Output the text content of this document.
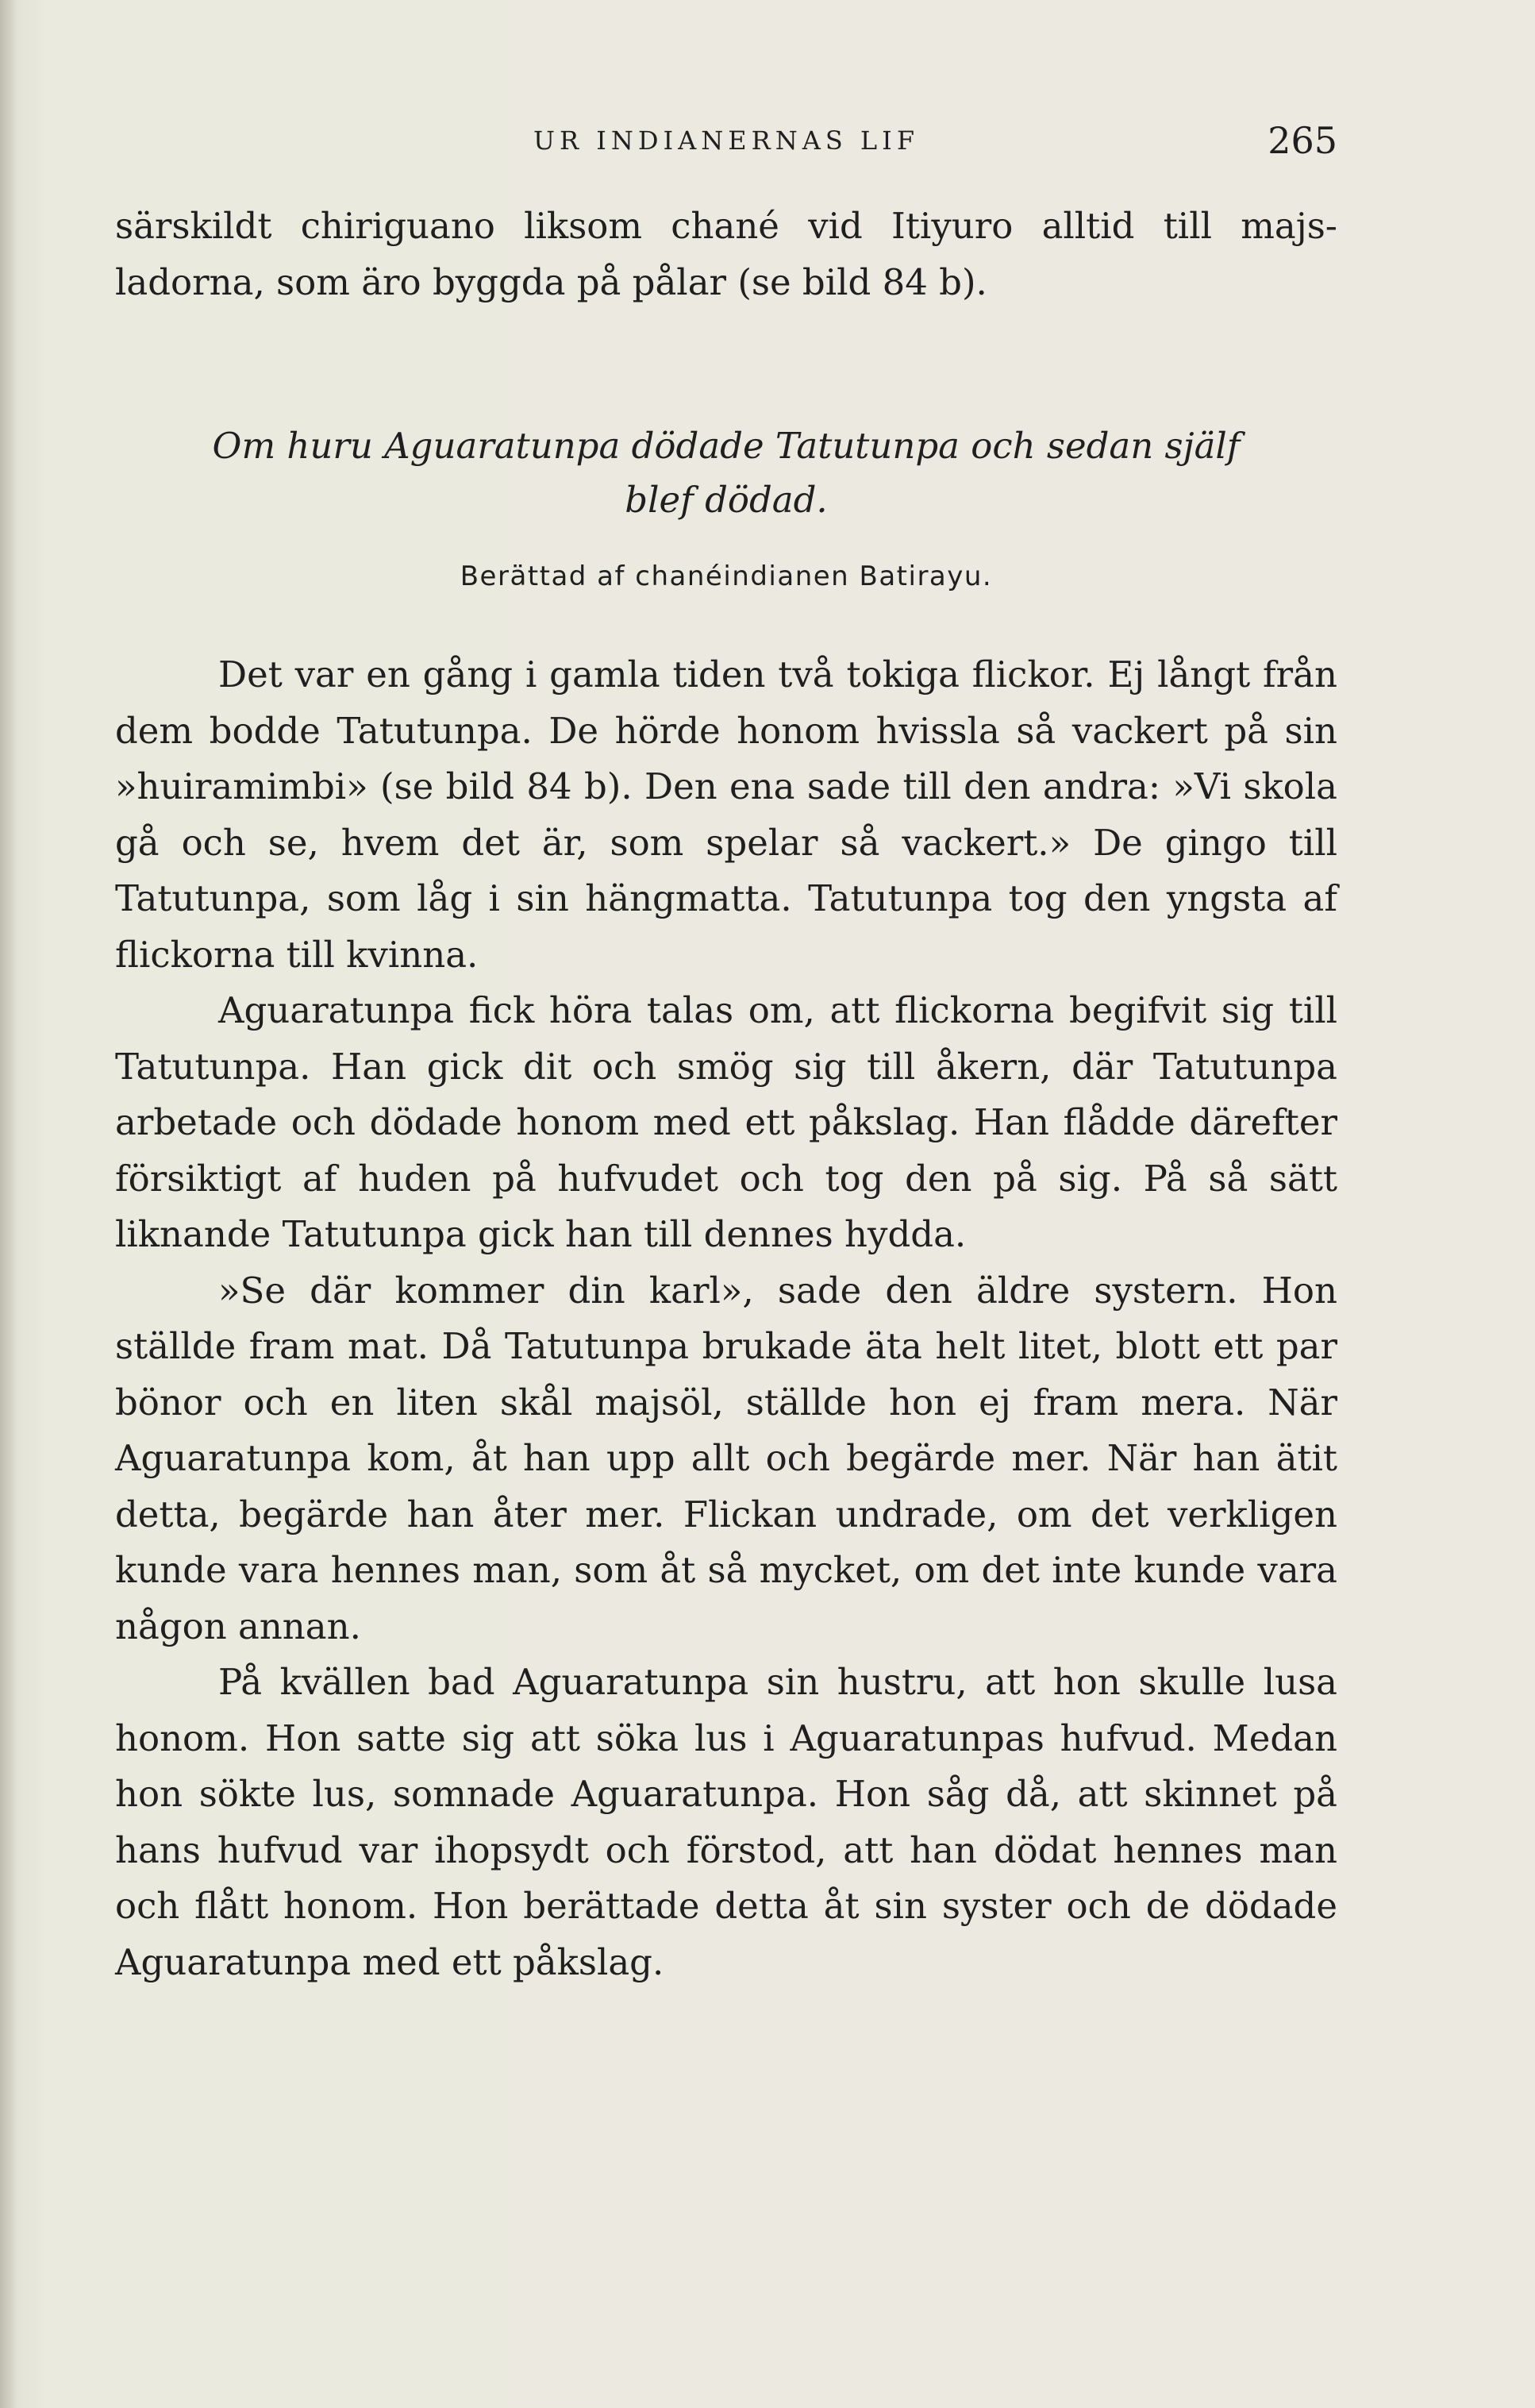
UR INDIANERNAS LIF	265

särskildt chiriguano liksom chané vid Itiyuro alltid till majs-ladorna, som äro byggda på pålar (se bild 84 b).

Om huru Aguaratunpa dödade Tatutunpa och sedan själf
blef dödad.
Berättad af chanéindianen Batirayu.

Det var en gång i gamla tiden två tokiga flickor. Ej långt från dem bodde Tatutunpa. De hörde honom hvissla så vackert på sin »huiramimbi» (se bild 84 b). Den ena sade till den andra: »Vi skola gå och se, hvem det är, som spelar så vackert.» De gingo till Tatutunpa, som låg i sin hängmatta. Tatutunpa tog den yngsta af flickorna till kvinna.

Aguaratunpa fick höra talas om, att flickorna begifvit sig till Tatutunpa. Han gick dit och smög sig till åkern, där Tatutunpa arbetade och dödade honom med ett påkslag. Han flådde därefter försiktigt af huden på hufvudet och tog den på sig. På så sätt liknande Tatutunpa gick han till dennes hydda.

»Se där kommer din karl», sade den äldre systern. Hon ställde fram mat. Då Tatutunpa brukade äta helt litet, blott ett par bönor och en liten skål majsöl, ställde hon ej fram mera. När Aguaratunpa kom, åt han upp allt och begärde mer. När han ätit detta, begärde han åter mer. Flickan undrade, om det verkligen kunde vara hennes man, som åt så mycket, om det inte kunde vara någon annan.

På kvällen bad Aguaratunpa sin hustru, att hon skulle lusa honom. Hon satte sig att söka lus i Aguaratunpas hufvud. Medan hon sökte lus, somnade Aguaratunpa. Hon såg då, att skinnet på hans hufvud var ihopsydt och förstod, att han dödat hennes man och flått honom. Hon berättade detta åt sin syster och de dödade Aguaratunpa med ett påkslag.
